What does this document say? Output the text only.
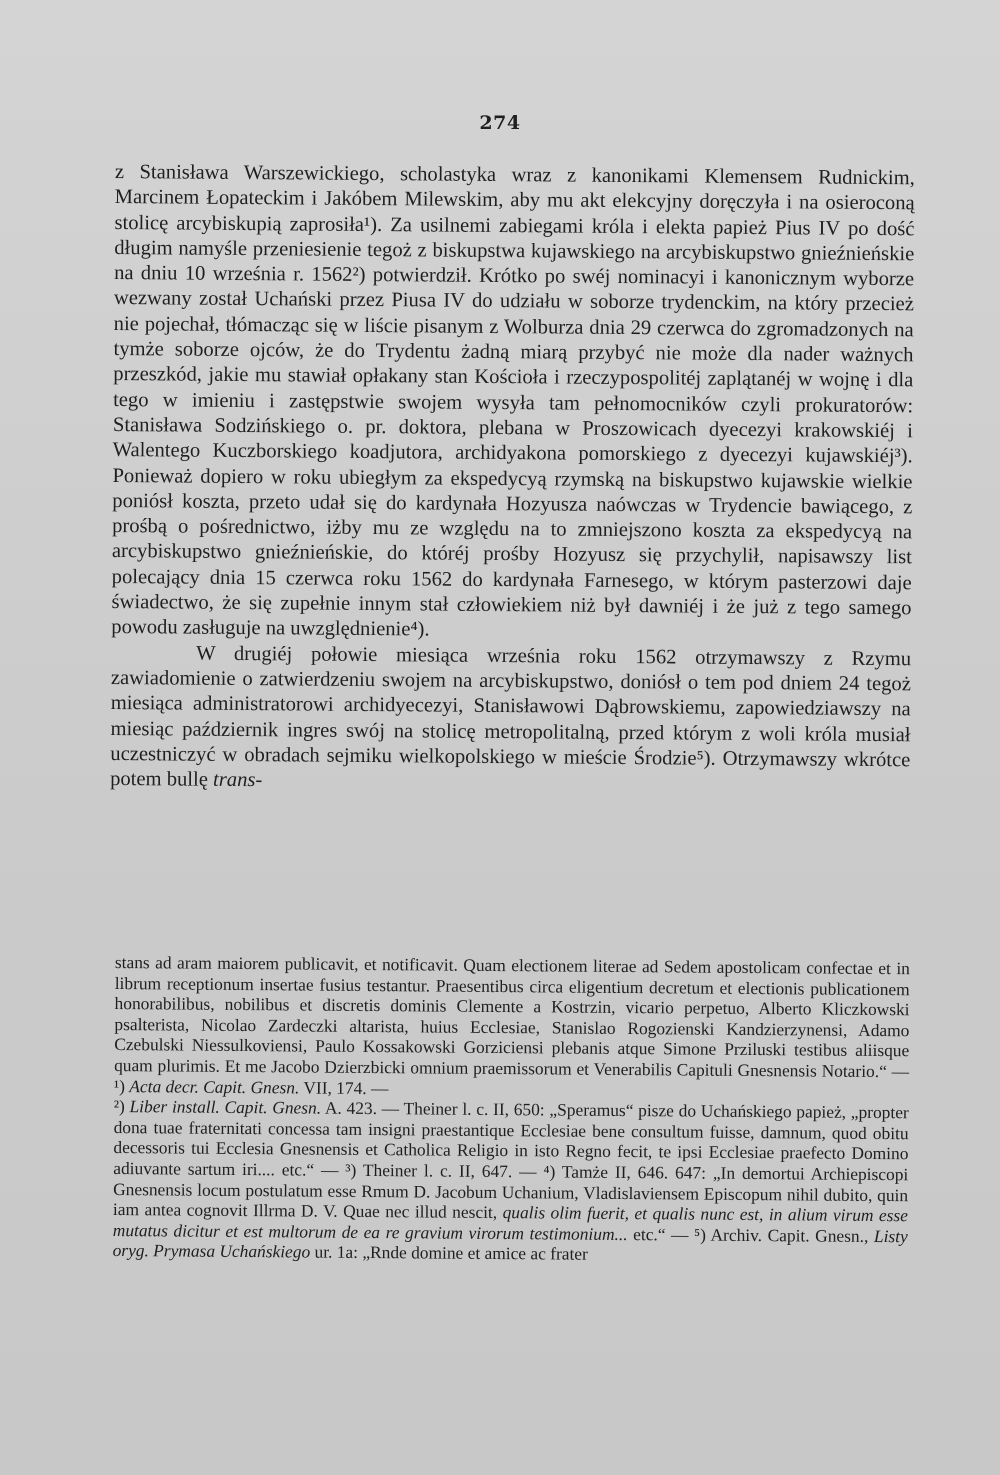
274

z Stanisława Warszewickiego, scholastyka wraz z kanonikami Klemensem Rudnickim, Marcinem Łopateckim i Jakóbem Milewskim, aby mu akt elekcyjny doręczyła i na osieroconą stolicę arcybiskupią zaprosiła¹). Za usilnemi zabiegami króla i elekta papież Pius IV po dość długim namyśle przeniesienie tegoż z biskupstwa kujawskiego na arcybiskupstwo gnieźnieńskie na dniu 10 września r. 1562²) potwierdził. Krótko po swéj nominacyi i kanonicznym wyborze wezwany został Uchański przez Piusa IV do udziału w soborze trydenckim, na który przecież nie pojechał, tłómacząc się w liście pisanym z Wolburza dnia 29 czerwca do zgromadzonych na tymże soborze ojców, że do Trydentu żadną miarą przybyć nie może dla nader ważnych przeszkód, jakie mu stawiał opłakany stan Kościoła i rzeczypospolitéj zaplątanéj w wojnę i dla tego w imieniu i zastępstwie swojem wysyła tam pełnomocników czyli prokuratorów: Stanisława Sodzińskiego o. pr. doktora, plebana w Proszowicach dyecezyi krakowskiéj i Walentego Kuczborskiego koadjutora, archidyakona pomorskiego z dyecezyi kujawskiéj³). Ponieważ dopiero w roku ubiegłym za ekspedycyą rzymską na biskupstwo kujawskie wielkie poniósł koszta, przeto udał się do kardynała Hozyusza naówczas w Trydencie bawiącego, z prośbą o pośrednictwo, iżby mu ze względu na to zmniejszono koszta za ekspedycyą na arcybiskupstwo gnieźnieńskie, do któréj prośby Hozyusz się przychylił, napisawszy list polecający dnia 15 czerwca roku 1562 do kardynała Farnesego, w którym pasterzowi daje świadectwo, że się zupełnie innym stał człowiekiem niż był dawniéj i że już z tego samego powodu zasługuje na uwzględnienie⁴).

W drugiéj połowie miesiąca września roku 1562 otrzymawszy z Rzymu zawiadomienie o zatwierdzeniu swojem na arcybiskupstwo, doniósł o tem pod dniem 24 tegoż miesiąca administratorowi archidyecezyi, Stanisławowi Dąbrowskiemu, zapowiedziawszy na miesiąc październik ingres swój na stolicę metropolitalną, przed którym z woli króla musiał uczestniczyć w obradach sejmiku wielkopolskiego w mieście Środzie⁵). Otrzymawszy wkrótce potem bullę trans-

stans ad aram maiorem publicavit, et notificavit. Quam electionem literae ad Sedem apostolicam confectae et in librum receptionum insertae fusius testantur. Praesentibus circa eligentium decretum et electionis publicationem honorabilibus, nobilibus et discretis dominis Clemente a Kostrzin, vicario perpetuo, Alberto Kliczkowski psalterista, Nicolao Zardeczki altarista, huius Ecclesiae, Stanislao Rogozienski Kandzierzynensi, Adamo Czebulski Niessulkoviensi, Paulo Kossakowski Gorziciensi plebanis atque Simone Prziluski testibus aliisque quam plurimis. Et me Jacobo Dzierzbicki omnium praemissorum et Venerabilis Capituli Gnesnensis Notario.“ — ¹) Acta decr. Capit. Gnesn. VII, 174. —
²) Liber install. Capit. Gnesn. A. 423. — Theiner l. c. II, 650: „Speramus“ pisze do Uchańskiego papież, „propter dona tuae fraternitati concessa tam insigni praestantique Ecclesiae bene consultum fuisse, damnum, quod obitu decessoris tui Ecclesia Gnesnensis et Catholica Religio in isto Regno fecit, te ipsi Ecclesiae praefecto Domino adiuvante sartum iri.... etc.“ — ³) Theiner l. c. II, 647. — ⁴) Tamże II, 646. 647: „In demortui Archiepiscopi Gnesnensis locum postulatum esse Rmum D. Jacobum Uchanium, Vladislaviensem Episcopum nihil dubito, quin iam antea cognovit Illrma D. V. Quae nec illud nescit, qualis olim fuerit, et qualis nunc est, in alium virum esse mutatus dicitur et est multorum de ea re gravium virorum testimonium... etc.“ — ⁵) Archiv. Capit. Gnesn., Listy oryg. Prymasa Uchańskiego ur. 1a: „Rnde domine et amice ac frater
